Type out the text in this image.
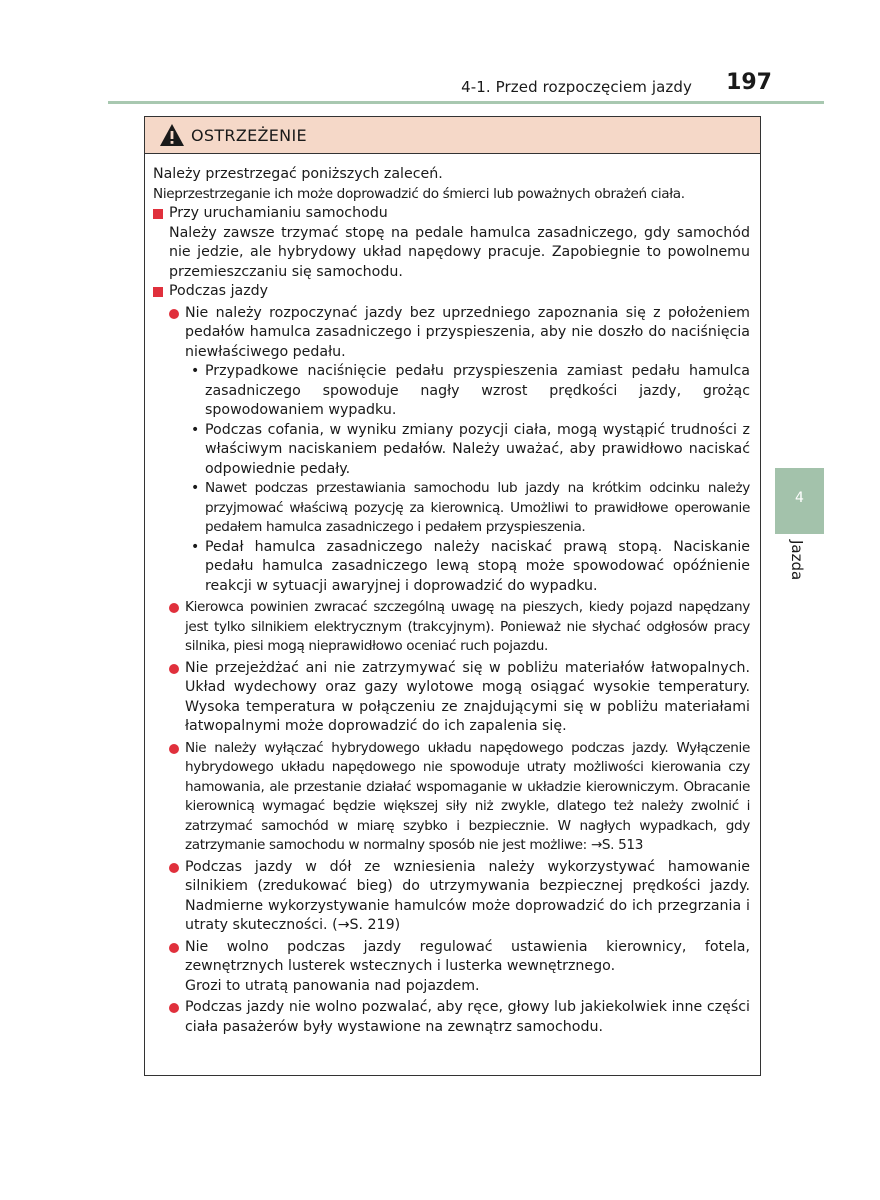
4-1. Przed rozpoczęciem jazdy 197
4
Jazda
OSTRZEŻENIE

Należy przestrzegać poniższych zaleceń.

Nieprzestrzeganie ich może doprowadzić do śmierci lub poważnych obrażeń ciała.

Przy uruchamianiu samochodu

Należy zawsze trzymać stopę na pedale hamulca zasadniczego, gdy samochód nie jedzie, ale hybrydowy układ napędowy pracuje. Zapobiegnie to powolnemu przemieszczaniu się samochodu.

Podczas jazdy

Nie należy rozpoczynać jazdy bez uprzedniego zapoznania się z położeniem pedałów hamulca zasadniczego i przyspieszenia, aby nie doszło do naciśnięcia niewłaściwego pedału.

• Przypadkowe naciśnięcie pedału przyspieszenia zamiast pedału hamulca zasadniczego spowoduje nagły wzrost prędkości jazdy, grożąc spowodowaniem wypadku.

• Podczas cofania, w wyniku zmiany pozycji ciała, mogą wystąpić trudności z właściwym naciskaniem pedałów. Należy uważać, aby prawidłowo naciskać odpowiednie pedały.

• Nawet podczas przestawiania samochodu lub jazdy na krótkim odcinku należy przyjmować właściwą pozycję za kierownicą. Umożliwi to prawidłowe operowanie pedałem hamulca zasadniczego i pedałem przyspieszenia.

• Pedał hamulca zasadniczego należy naciskać prawą stopą. Naciskanie pedału hamulca zasadniczego lewą stopą może spowodować opóźnienie reakcji w sytuacji awaryjnej i doprowadzić do wypadku.

Kierowca powinien zwracać szczególną uwagę na pieszych, kiedy pojazd napędzany jest tylko silnikiem elektrycznym (trakcyjnym). Ponieważ nie słychać odgłosów pracy silnika, piesi mogą nieprawidłowo oceniać ruch pojazdu.

Nie przejeżdżać ani nie zatrzymywać się w pobliżu materiałów łatwopalnych. Układ wydechowy oraz gazy wylotowe mogą osiągać wysokie temperatury. Wysoka temperatura w połączeniu ze znajdującymi się w pobliżu materiałami łatwopalnymi może doprowadzić do ich zapalenia się.

Nie należy wyłączać hybrydowego układu napędowego podczas jazdy. Wyłączenie hybrydowego układu napędowego nie spowoduje utraty możliwości kierowania czy hamowania, ale przestanie działać wspomaganie w układzie kierowniczym. Obracanie kierownicą wymagać będzie większej siły niż zwykle, dlatego też należy zwolnić i zatrzymać samochód w miarę szybko i bezpiecznie. W nagłych wypadkach, gdy zatrzymanie samochodu w normalny sposób nie jest możliwe: →S. 513

Podczas jazdy w dół ze wzniesienia należy wykorzystywać hamowanie silnikiem (zredukować bieg) do utrzymywania bezpiecznej prędkości jazdy. Nadmierne wykorzystywanie hamulców może doprowadzić do ich przegrzania i utraty skuteczności. (→S. 219)

Nie wolno podczas jazdy regulować ustawienia kierownicy, fotela, zewnętrznych lusterek wstecznych i lusterka wewnętrznego.
Grozi to utratą panowania nad pojazdem.

Podczas jazdy nie wolno pozwalać, aby ręce, głowy lub jakiekolwiek inne części ciała pasażerów były wystawione na zewnątrz samochodu.
